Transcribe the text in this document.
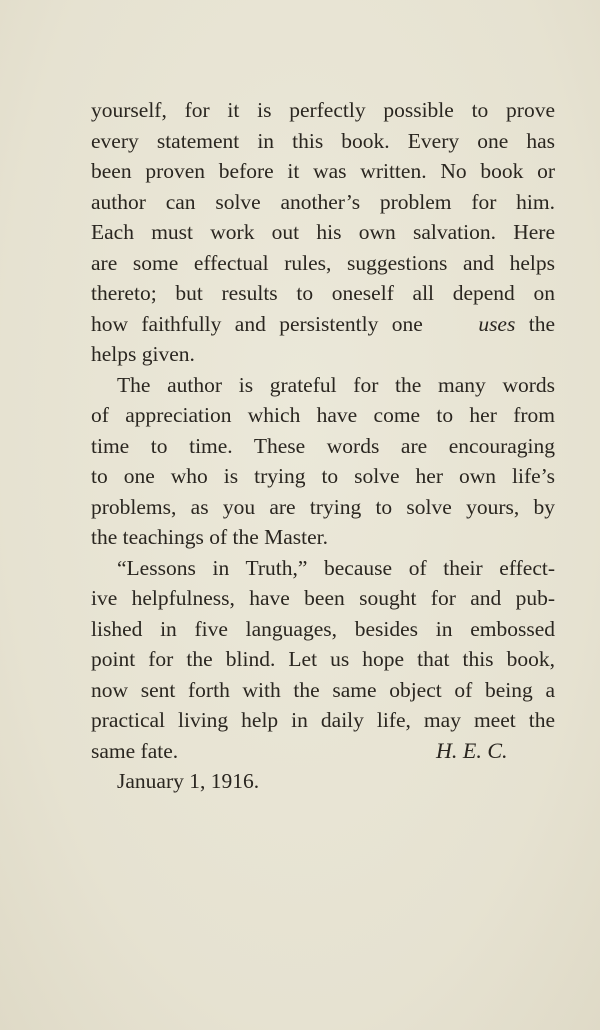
yourself, for it is perfectly possible to prove
every statement in this book. Every one has
been proven before it was written. No book or
author can solve another’s problem for him.
Each must work out his own salvation. Here
are some effectual rules, suggestions and helps
thereto; but results to oneself all depend on
how faithfully and persistently one uses the
helps given.
The author is grateful for the many words
of appreciation which have come to her from
time to time. These words are encouraging
to one who is trying to solve her own life’s
problems, as you are trying to solve yours, by
the teachings of the Master.
“Lessons in Truth,” because of their effect-
ive helpfulness, have been sought for and pub-
lished in five languages, besides in embossed
point for the blind. Let us hope that this book,
now sent forth with the same object of being a
practical living help in daily life, may meet the
same fate.	H. E. C.
January 1, 1916.
